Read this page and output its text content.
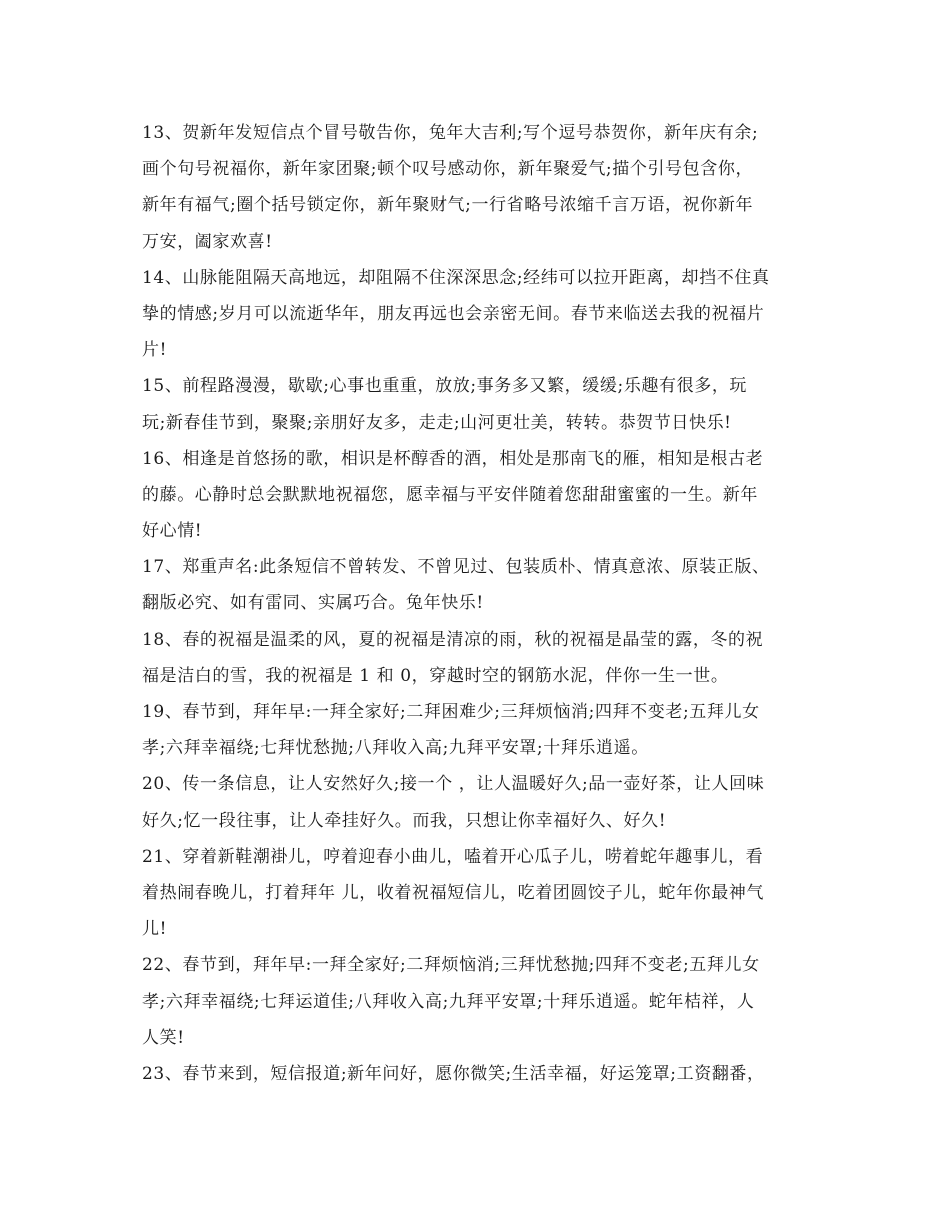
13、贺新年发短信点个冒号敬告你，兔年大吉利;写个逗号恭贺你，新年庆有余;
画个句号祝福你，新年家团聚;顿个叹号感动你，新年聚爱气;描个引号包含你，
新年有福气;圈个括号锁定你，新年聚财气;一行省略号浓缩千言万语，祝你新年
万安，阖家欢喜!
14、山脉能阻隔天高地远，却阻隔不住深深思念;经纬可以拉开距离，却挡不住真
挚的情感;岁月可以流逝华年，朋友再远也会亲密无间。春节来临送去我的祝福片
片!
15、前程路漫漫，歇歇;心事也重重，放放;事务多又繁，缓缓;乐趣有很多，玩
玩;新春佳节到，聚聚;亲朋好友多，走走;山河更壮美，转转。恭贺节日快乐!
16、相逢是首悠扬的歌，相识是杯醇香的酒，相处是那南飞的雁，相知是根古老
的藤。心静时总会默默地祝福您，愿幸福与平安伴随着您甜甜蜜蜜的一生。新年
好心情!
17、郑重声名:此条短信不曾转发、不曾见过、包装质朴、情真意浓、原装正版、
翻版必究、如有雷同、实属巧合。兔年快乐!
18、春的祝福是温柔的风，夏的祝福是清凉的雨，秋的祝福是晶莹的露，冬的祝
福是洁白的雪，我的祝福是 1 和 0，穿越时空的钢筋水泥，伴你一生一世。
19、春节到，拜年早:一拜全家好;二拜困难少;三拜烦恼消;四拜不变老;五拜儿女
孝;六拜幸福绕;七拜忧愁抛;八拜收入高;九拜平安罩;十拜乐逍遥。
20、传一条信息，让人安然好久;接一个 ，让人温暖好久;品一壶好茶，让人回味
好久;忆一段往事，让人牵挂好久。而我，只想让你幸福好久、好久!
21、穿着新鞋潮褂儿，哼着迎春小曲儿，嗑着开心瓜子儿，唠着蛇年趣事儿，看
着热闹春晚儿，打着拜年 儿，收着祝福短信儿，吃着团圆饺子儿，蛇年你最神气
儿!
22、春节到，拜年早:一拜全家好;二拜烦恼消;三拜忧愁抛;四拜不变老;五拜儿女
孝;六拜幸福绕;七拜运道佳;八拜收入高;九拜平安罩;十拜乐逍遥。蛇年桔祥，人
人笑!
23、春节来到，短信报道;新年问好，愿你微笑;生活幸福，好运笼罩;工资翻番，
